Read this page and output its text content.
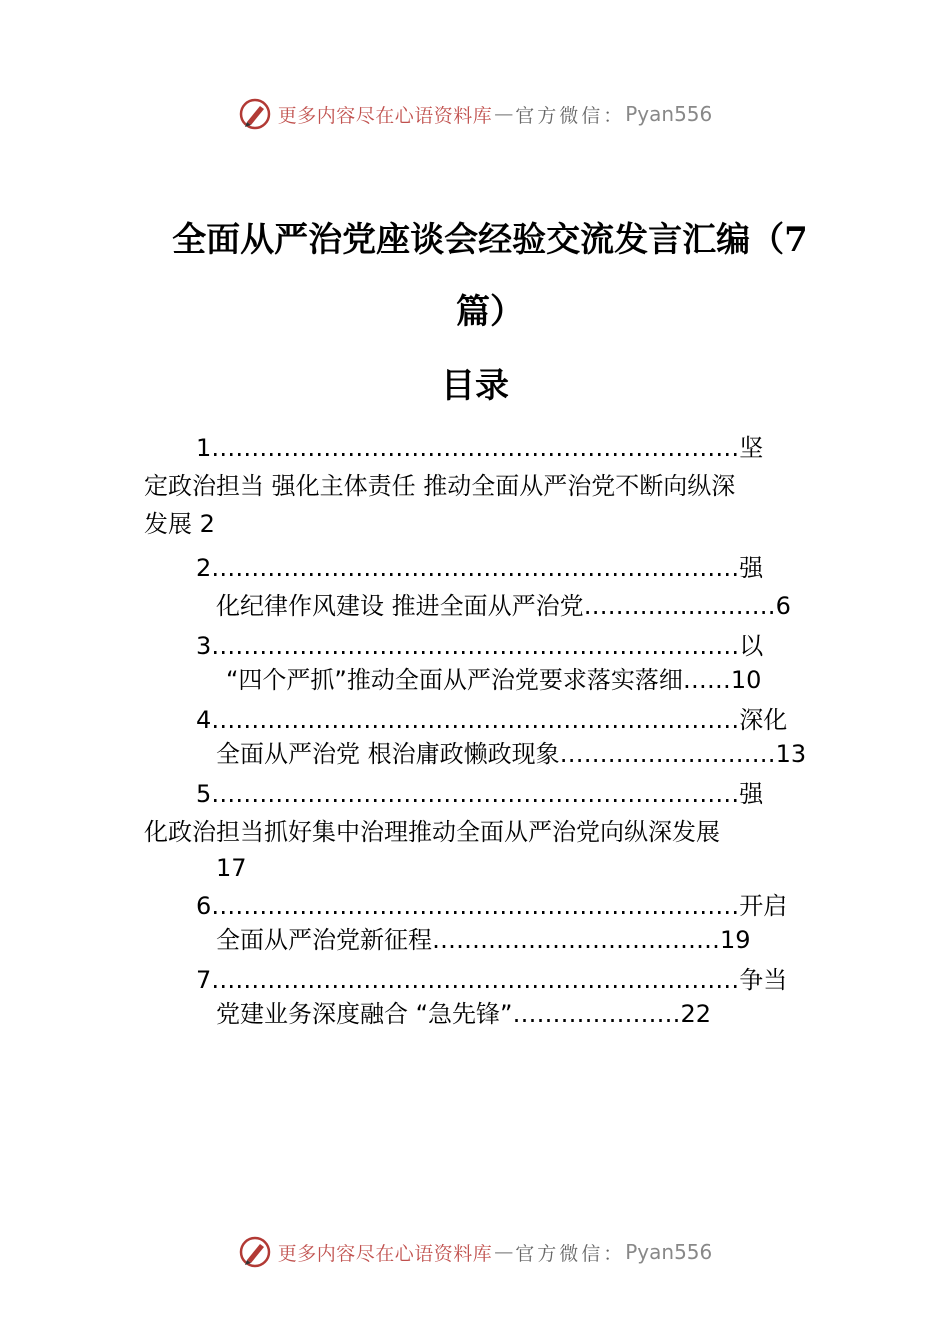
更多内容尽在心语资料库 — 官方微信： Pyan556
全面从严治党座谈会经验交流发言汇编（7
篇）
目录
1…………………………………………………………坚
定政治担当 强化主体责任 推动全面从严治党不断向纵深
发展 2
2…………………………………………………………强
化纪律作风建设 推进全面从严治党……………………6
3…………………………………………………………以
“四个严抓”推动全面从严治党要求落实落细……10
4…………………………………………………………深化
全面从严治党 根治庸政懒政现象………………………13
5…………………………………………………………强
化政治担当抓好集中治理推动全面从严治党向纵深发展
17
6…………………………………………………………开启
全面从严治党新征程………………………………19
7…………………………………………………………争当
党建业务深度融合 “急先锋”…………………22
更多内容尽在心语资料库 — 官方微信： Pyan556
